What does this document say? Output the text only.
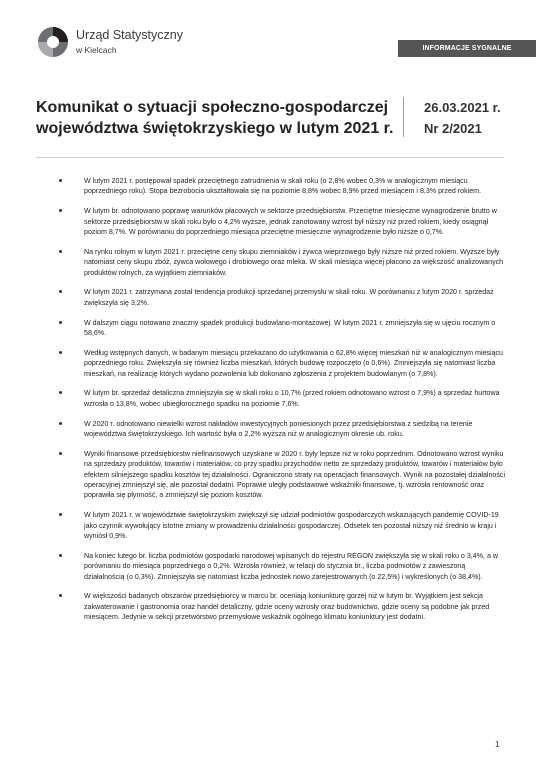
Urząd Statystyczny
w Kielcach	INFORMACJE SYGNALNE
Komunikat o sytuacji społeczno-gospodarczej
województwa świętokrzyskiego w lutym 2021 r.
26.03.2021 r.
Nr 2/2021
W lutym 2021 r. postępował spadek przeciętnego zatrudnienia w skali roku (o 2,8% wobec 0,3% w analogicznym miesiącu poprzedniego roku). Stopa bezrobocia ukształtowała się na poziomie 8,8% wobec 8,9% przed miesiącem i 8,3% przed rokiem.
W lutym br. odnotowano poprawę warunków płacowych w sektorze przedsiębiorstw. Przeciętne miesięczne wynagrodzenie brutto w sektorze przedsiębiorstw w skali roku było o 4,2% wyższe, jednak zanotowany wzrost był niższy niż przed rokiem, kiedy osiągnął poziom 8,7%. W porównaniu do poprzedniego miesiąca przeciętne miesięczne wynagrodzenie było niższe o 0,7%.
Na rynku rolnym w lutym 2021 r. przeciętne ceny skupu ziemniaków i żywca wieprzowego były niższe niż przed rokiem. Wyższe były natomiast ceny skupu zbóż, żywca wołowego i drobiowego oraz mleka. W skali miesiąca więcej płacono za większość analizowanych produktów rolnych, za wyjątkiem ziemniaków.
W lutym 2021 r. zatrzymana został tendencja produkcji sprzedanej przemysłu w skali roku. W porównaniu z lutym 2020 r. sprzedaż zwiększyła się 3,2%.
W dalszym ciągu notowano znaczny spadek produkcji budowlano-montażowej. W lutym 2021 r. zmniejszyła się w ujęciu rocznym o 58,6%.
Według wstępnych danych, w badanym miesiącu przekazano do użytkowania o 62,8% więcej mieszkań niż w analogicznym miesiącu poprzedniego roku. Zwiększyła się również liczba mieszkań, których budowę rozpoczęto (o 0,6%). Zmniejszyła się natomiast liczba mieszkań, na realizację których wydano pozwolenia lub dokonano zgłoszenia z projektem budowlanym (o 7,8%).
W lutym br. sprzedaż detaliczna zmniejszyła się w skali roku o 10,7% (przed rokiem odnotowano wzrost o 7,9%) a sprzedaż hurtowa wzrosła o 13,8%, wobec ubiegłorocznego spadku na poziomie 7,6%.
W 2020 r. odnotowano niewielki wzrost nakładów inwestycyjnych poniesionych przez przedsiębiorstwa z siedzibą na terenie województwa świętokrzyskiego. Ich wartość była o 2,2% wyższa niż w analogicznym okresie ub. roku.
Wyniki finansowe przedsiębiorstw niefinansowych uzyskane w 2020 r. były lepsze niż w roku poprzednim. Odnotowano wzrost wyniku na sprzedaży produktów, towarów i materiałów, co przy spadku przychodów netto ze sprzedaży produktów, towarów i materiałów było efektem silniejszego spadku kosztów tej działalności. Ograniczono straty na operacjach finansowych. Wynik na pozostałej działalności operacyjnej zmniejszył się, ale pozostał dodatni. Poprawie uległy podstawowe wskaźniki finansowe, tj. wzrosła rentowność oraz poprawiła się płynność, a zmniejszył się poziom kosztów.
W lutym 2021 r. w województwie świętokrzyskim zwiększył się udział podmiotów gospodarczych wskazujących pandemię COVID-19 jako czynnik wywołujący istotne zmiany w prowadzeniu działalności gospodarczej. Odsetek ten pozostał niższy niż średnio w kraju i wyniósł 0,9%.
Na koniec lutego br. liczba podmiotów gospodarki narodowej wpisanych do rejestru REGON zwiększyła się w skali roku o 3,4%, a w porównaniu do miesiąca poprzedniego o 0,2%. Wzrosła również, w relacji do stycznia br., liczba podmiotów z zawieszoną działalnością (o 0,3%). Zmniejszyła się natomiast liczba jednostek nowo zarejestrowanych (o 22,5%) i wykreślonych (o 38,4%).
W większości badanych obszarów przedsiębiorcy w marcu br. oceniają koniunkturę gorzej niż w lutym br. Wyjątkiem jest sekcja zakwaterowanie i gastronomia oraz handel detaliczny, gdzie oceny wzrosły oraz budownictwo, gdzie oceny są podobne jak przed miesiącem. Jedynie w sekcji przetwórstwo przemysłowe wskaźnik ogólnego klimatu koniunktury jest dodatni.
1
